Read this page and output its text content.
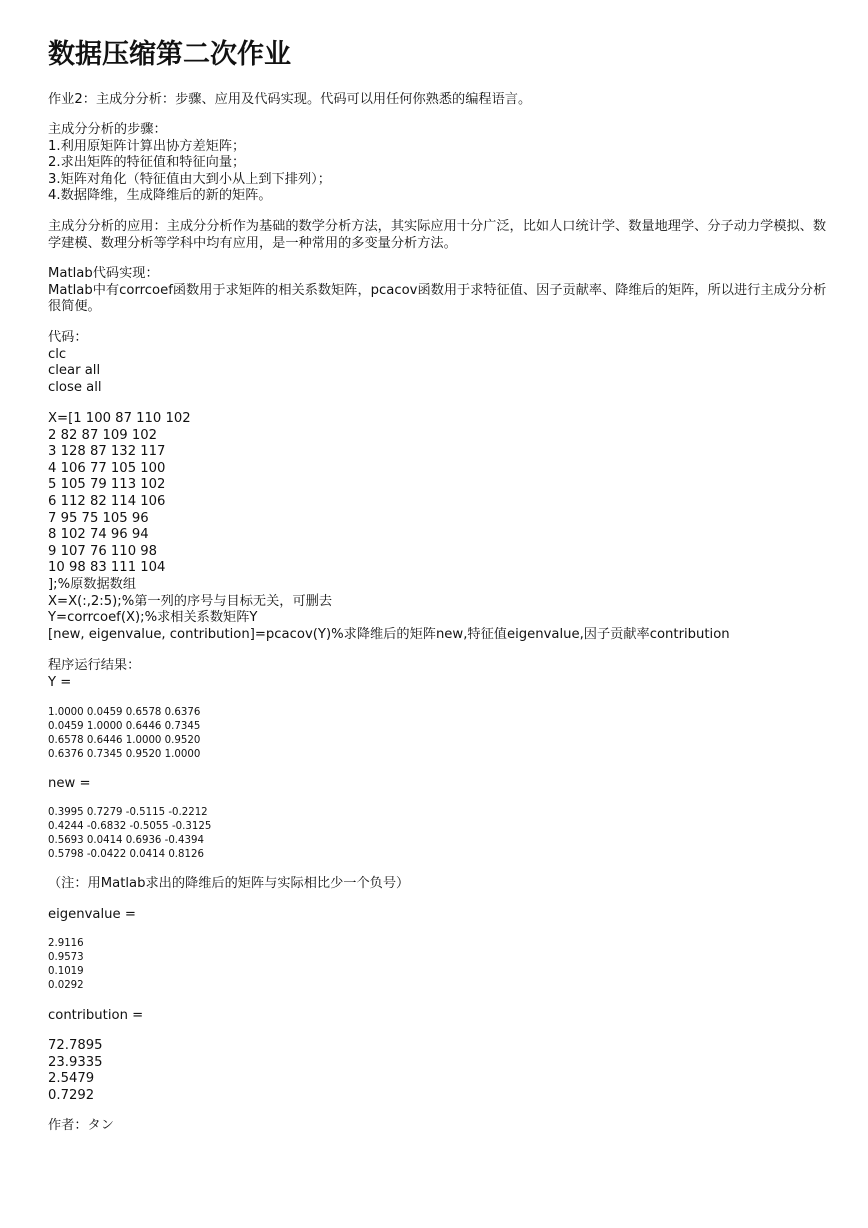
数据压缩第二次作业
作业2：主成分分析：步骤、应用及代码实现。代码可以用任何你熟悉的编程语言。
主成分分析的步骤：
1.利用原矩阵计算出协方差矩阵；
2.求出矩阵的特征值和特征向量；
3.矩阵对角化（特征值由大到小从上到下排列）；
4.数据降维，生成降维后的新的矩阵。
主成分分析的应用：主成分分析作为基础的数学分析方法，其实际应用十分广泛，比如人口统计学、数量地理学、分子动力学模拟、数学建模、数理分析等学科中均有应用，是一种常用的多变量分析方法。
Matlab代码实现：
Matlab中有corrcoef函数用于求矩阵的相关系数矩阵，pcacov函数用于求特征值、因子贡献率、降维后的矩阵，所以进行主成分分析很简便。
代码：
clc
clear all
close all
X=[1 100 87 110 102
2 82 87 109 102
3 128 87 132 117
4 106 77 105 100
5 105 79 113 102
6 112 82 114 106
7 95 75 105 96
8 102 74 96 94
9 107 76 110 98
10 98 83 111 104
];%原数据数组
X=X(:,2:5);%第一列的序号与目标无关，可删去
Y=corrcoef(X);%求相关系数矩阵Y
[new, eigenvalue, contribution]=pcacov(Y)%求降维后的矩阵new,特征值eigenvalue,因子贡献率contribution
程序运行结果：
Y =
1.0000 0.0459 0.6578 0.6376
0.0459 1.0000 0.6446 0.7345
0.6578 0.6446 1.0000 0.9520
0.6376 0.7345 0.9520 1.0000
new =
0.3995 0.7279 -0.5115 -0.2212
0.4244 -0.6832 -0.5055 -0.3125
0.5693 0.0414 0.6936 -0.4394
0.5798 -0.0422 0.0414 0.8126
（注：用Matlab求出的降维后的矩阵与实际相比少一个负号）
eigenvalue =
2.9116
0.9573
0.1019
0.0292
contribution =
72.7895
23.9335
2.5479
0.7292
作者：タン
